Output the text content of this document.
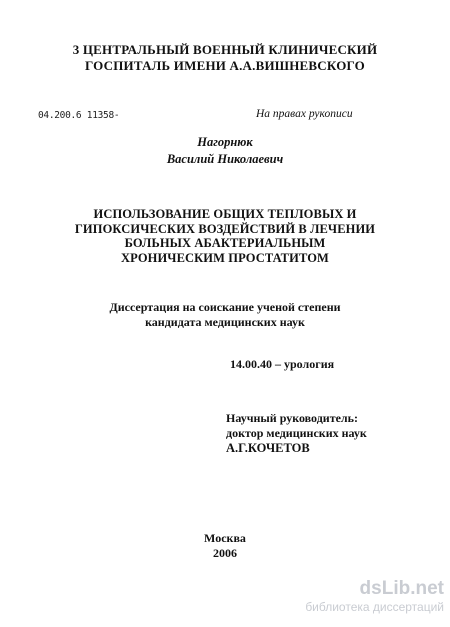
3 ЦЕНТРАЛЬНЫЙ ВОЕННЫЙ КЛИНИЧЕСКИЙ
ГОСПИТАЛЬ ИМЕНИ А.А.ВИШНЕВСКОГО
04.200.6 11358-	На правах рукописи
Нагорнюк
Василий Николаевич
ИСПОЛЬЗОВАНИЕ ОБЩИХ ТЕПЛОВЫХ И
ГИПОКСИЧЕСКИХ ВОЗДЕЙСТВИЙ В ЛЕЧЕНИИ
БОЛЬНЫХ АБАКТЕРИАЛЬНЫМ
ХРОНИЧЕСКИМ ПРОСТАТИТОМ
Диссертация на соискание ученой степени
кандидата медицинских наук
14.00.40 – урология
Научный руководитель:
доктор медицинских наук
А.Г.КОЧЕТОВ
Москва
2006
dsLib.net
библиотека диссертаций
